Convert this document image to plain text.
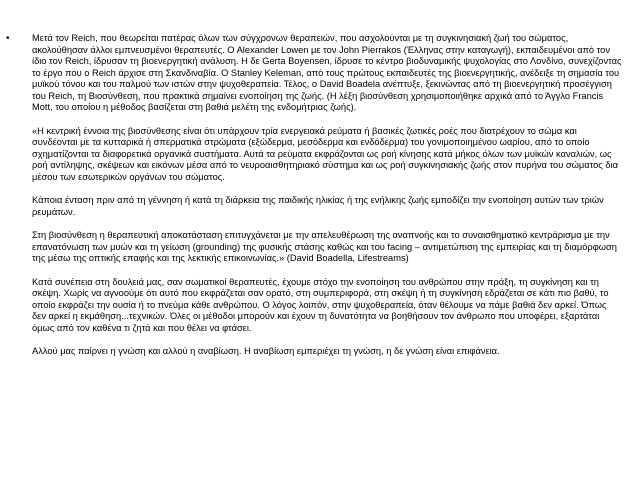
• Μετά τον Reich, που θεωρείται πατέρας όλων των σύγχρονων θεραπειών, που ασχολούνται με τη συγκινησιακή ζωή του σώματος, ακολούθησαν άλλοι εμπνευσμένοι θεραπευτές. O Alexander Lowen με τον John Pierrakos (Έλληνας στην καταγωγή), εκπαιδευμένοι από τον ίδιο τον Reich, ίδρυσαν τη βιοενεργητική ανάλυση. Η δε Gerta Boyensen, ίδρυσε το κέντρο βιοδυναμικής ψυχολογίας στο Λονδίνο, συνεχίζοντας το έργο που ο Reich άρχισε στη Σκανδιναβία. Ο Stanley Keleman, από τους πρώτους εκπαιδευτές της βιοενεργητικής, ανέδειξε τη σημασία του μυϊκού τόνου και του παλμού των ιστών στην ψυχοθεραπεία. Τέλος, ο David Boadela ανέπτυξε, ξεκινώντας από τη βιοενεργητική προσέγγιση του Reich, τη Βιοσύνθεση, που πρακτικά σημαίνει ενοποίηση της ζωής. (Η λέξη βιοσύνθεση χρησιμοποιήθηκε αρχικά από το Άγγλο Francis Mott, του οποίου η μέθοδος βασίζεται στη βαθιά μελέτη της ενδομήτριας ζωής).

«Η κεντρική έννοια της βιοσύνθεσης είναι ότι υπάρχουν τρία ενεργειακά ρεύματα ή βασικές ζωτικές ροές που διατρέχουν το σώμα και συνδέονται με τα κυτταρικά ή σπερματικά στρώματα (εξώδερμα, μεσόδερμα και ενδόδερμα) του γονιμοποιημένου ωαρίου, από το οποίο σχηματίζονται τα διαφορετικά οργανικά συστήματα. Αυτά τα ρεύματα εκφράζονται ως ροή κίνησης κατά μήκος όλων των μυϊκών καναλιών, ως ροή αντίληψης, σκέψεων και εικόνων μέσα από το νευροαισθητηριακό σύστημα και ως ροή συγκινησιακής ζωής στον πυρήνα του σώματος δια μέσου των εσωτερικών οργάνων του σώματος.

Κάποια ένταση πριν από τη γέννηση ή κατά τη διάρκεια της παιδικής ηλικίας ή της ενήλικης ζωής εμποδίζει την ενοποίηση αυτών των τριών ρευμάτων.

Στη βιοσύνθεση η θεραπευτική αποκατάσταση επιτυγχάνεται με την απελευθέρωση της αναπνοής και το συναισθηματικό κεντράρισμα με την επανατόνωση των μυών και τη γείωση (grounding) της φυσικής στάσης καθώς και του facing – αντιμετώπιση της εμπειρίας και τη διαμόρφωση της μέσω της οπτικής επαφής και της λεκτικής επικοινωνίας.» (David Boadella, Lifestreams)

Κατά συνέπεια στη δουλειά μας, σαν σωματικοί θεραπευτές, έχουμε στόχο την ενοποίηση του ανθρώπου στην πράξη, τη συγκίνηση και τη σκέψη. Χωρίς να αγνοούμε ότι αυτό που εκφράζεται σαν ορατό, στη συμπεριφορά, στη σκέψη ή τη συγκίνηση εδράζεται σε κάτι πιο βαθύ, το οποίο εκφράζει την ουσία ή το πνεύμα κάθε ανθρώπου. Ο λόγος λοιπόν, στην ψυχοθεραπεία, όταν θέλουμε να πάμε βαθιά δεν αρκεί. Όπως δεν αρκεί η εκμάθηση...τεχνικών. Όλες οι μέθοδοι μπορούν και έχουν τη δυνατότητα να βοηθήσουν τον άνθρωπο που υποφέρει, εξαρτάται όμως από τον καθένα τι ζητά και που θέλει να φτάσει.

Αλλού μας παίρνει η γνώση και αλλού η αναβίωση. Η αναβίωση εμπεριέχει τη γνώση, η δε γνώση είναι επιφάνεια.
